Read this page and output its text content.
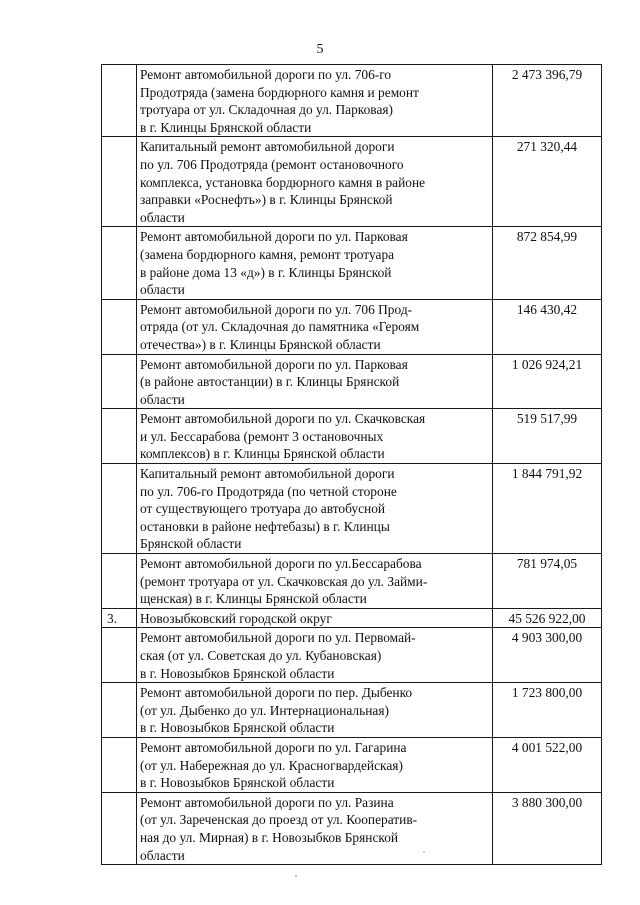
5
	Ремонт автомобильной дороги по ул. 706-го
Продотряда (замена бордюрного камня и ремонт
тротуара от ул. Складочная до ул. Парковая)
в г. Клинцы Брянской области	2 473 396,79
	Капитальный ремонт автомобильной дороги
по ул. 706 Продотряда (ремонт остановочного
комплекса, установка бордюрного камня в районе
заправки «Роснефть») в г. Клинцы Брянской
области	271 320,44
	Ремонт автомобильной дороги по ул. Парковая
(замена бордюрного камня, ремонт тротуара
в районе дома 13 «д») в г. Клинцы Брянской
области	872 854,99
	Ремонт автомобильной дороги по ул. 706 Прод-
отряда (от ул. Складочная до памятника «Героям
отечества») в г. Клинцы Брянской области	146 430,42
	Ремонт автомобильной дороги по ул. Парковая
(в районе автостанции) в г. Клинцы Брянской
области	1 026 924,21
	Ремонт автомобильной дороги по ул. Скачковская
и ул. Бессарабова (ремонт 3 остановочных
комплексов) в г. Клинцы Брянской области	519 517,99
	Капитальный ремонт автомобильной дороги
по ул. 706-го Продотряда (по четной стороне
от существующего тротуара до автобусной
остановки в районе нефтебазы) в г. Клинцы
Брянской области	1 844 791,92
	Ремонт автомобильной дороги по ул.Бессарабова
(ремонт тротуара от ул. Скачковская до ул. Займи-
щенская) в г. Клинцы Брянской области	781 974,05
3.	Новозыбковский городской округ	45 526 922,00
	Ремонт автомобильной дороги по ул. Первомай-
ская (от ул. Советская до ул. Кубановская)
в г. Новозыбков Брянской области	4 903 300,00
	Ремонт автомобильной дороги по пер. Дыбенко
(от ул. Дыбенко до ул. Интернациональная)
в г. Новозыбков Брянской области	1 723 800,00
	Ремонт автомобильной дороги по ул. Гагарина
(от ул. Набережная до ул. Красногвардейская)
в г. Новозыбков Брянской области	4 001 522,00
	Ремонт автомобильной дороги по ул. Разина
(от ул. Зареченская до проезд от ул. Кооператив-
ная до ул. Мирная) в г. Новозыбков Брянской
области	3 880 300,00
